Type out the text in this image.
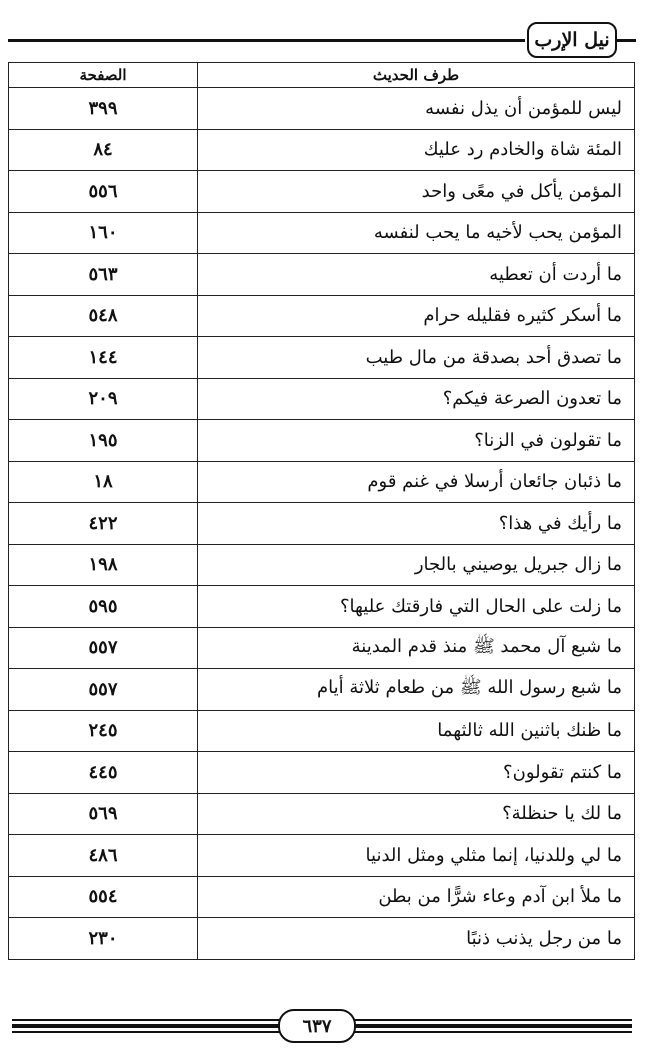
نيل الإرب
طرف الحديث	الصفحة
ليس للمؤمن أن يذل نفسه	٣٩٩
المئة شاة والخادم رد عليك	٨٤
المؤمن يأكل في معًى واحد	٥٥٦
المؤمن يحب لأخيه ما يحب لنفسه	١٦٠
ما أردت أن تعطيه	٥٦٣
ما أسكر كثيره فقليله حرام	٥٤٨
ما تصدق أحد بصدقة من مال طيب	١٤٤
ما تعدون الصرعة فيكم؟	٢٠٩
ما تقولون في الزنا؟	١٩٥
ما ذئبان جائعان أرسلا في غنم قوم	١٨
ما رأيك في هذا؟	٤٢٢
ما زال جبريل يوصيني بالجار	١٩٨
ما زلت على الحال التي فارقتك عليها؟	٥٩٥
ما شبع آل محمد ﷺ منذ قدم المدينة	٥٥٧
ما شبع رسول الله ﷺ من طعام ثلاثة أيام	٥٥٧
ما ظنك باثنين الله ثالثهما	٢٤٥
ما كنتم تقولون؟	٤٤٥
ما لك يا حنظلة؟	٥٦٩
ما لي وللدنيا، إنما مثلي ومثل الدنيا	٤٨٦
ما ملأ ابن آدم وعاء شرًّا من بطن	٥٥٤
ما من رجل يذنب ذنبًا	٢٣٠
٦٣٧
